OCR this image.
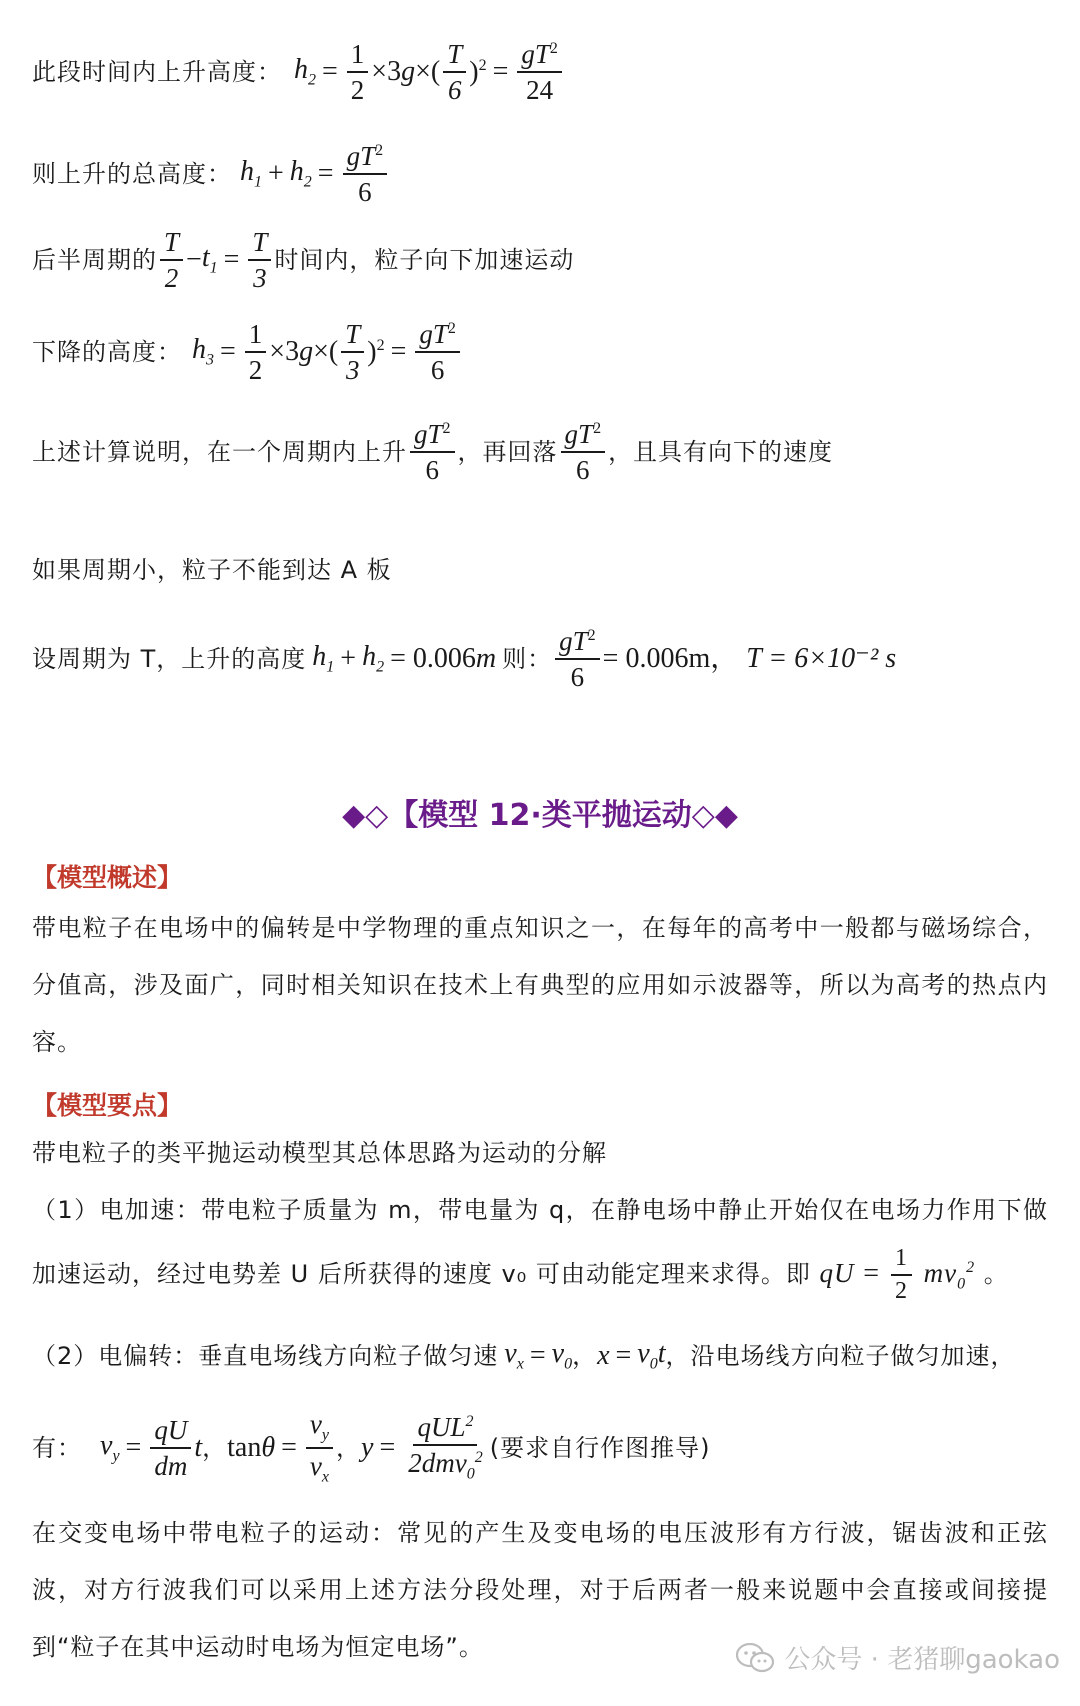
此段时间内上升高度： $h_2 = \frac{1}{2} \times 3g\times( \frac{T}{6} )^2 = \frac{gT^2}{24}$
则上升的总高度： $h_1 + h_2 = \frac{gT^2}{6}$
后半周期的 $\frac{T}{2} - t_1 = \frac{T}{3}$ 时间内，粒子向下加速运动
下降的高度： $h_3 = \frac{1}{2} \times 3g\times( \frac{T}{3} )^2 = \frac{gT^2}{6}$
上述计算说明，在一个周期内上升 $\frac{gT^2}{6}$ ，再回落 $\frac{gT^2}{6}$ ，且具有向下的速度
如果周期小，粒子不能到达 A 板
设周期为 T，上升的高度 $h_1 + h_2 = 0.006m$ 则： $\frac{gT^2}{6} = 0.006m$， T = 6×10⁻² s
◆◇【模型 12·类平抛运动◇◆
【模型概述】
带电粒子在电场中的偏转是中学物理的重点知识之一，在每年的高考中一般都与磁场综合，分值高，涉及面广，同时相关知识在技术上有典型的应用如示波器等，所以为高考的热点内容。
【模型要点】
带电粒子的类平抛运动模型其总体思路为运动的分解
（1）电加速：带电粒子质量为 m，带电量为 q，在静电场中静止开始仅在电场力作用下做加速运动，经过电势差 U 后所获得的速度 v₀ 可由动能定理来求得。即 qU = $\frac{1}{2} mv_0^2$ 。
（2）电偏转：垂直电场线方向粒子做匀速 $v_x = v_0$ ， $x = v_0t$ ，沿电场线方向粒子做匀加速，
有： $v_y = \frac{qU}{dm}$ t ， $\tan\theta = \frac{v_y}{v_x}$ ， $y = \frac{qUL^2}{2dmv_0^2}$ (要求自行作图推导)
在交变电场中带电粒子的运动：常见的产生及变电场的电压波形有方行波，锯齿波和正弦波，对方行波我们可以采用上述方法分段处理，对于后两者一般来说题中会直接或间接提到“粒子在其中运动时电场为恒定电场”。	公众号 · 老猪聊gaokao
